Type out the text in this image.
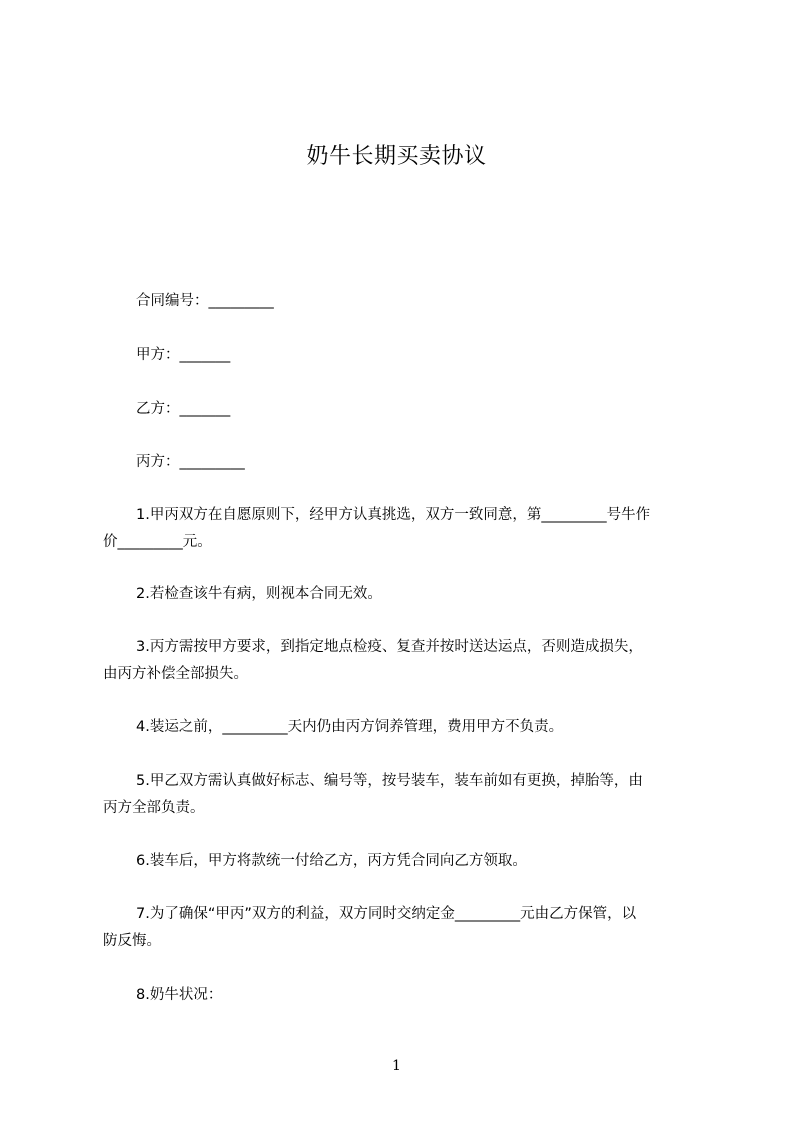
奶牛长期买卖协议
合同编号：_________
甲方：_______
乙方：_______
丙方：_________
1.甲丙双方在自愿原则下，经甲方认真挑选，双方一致同意，第_________号牛作
价_________元。
2.若检查该牛有病，则视本合同无效。
3.丙方需按甲方要求，到指定地点检疫、复查并按时送达运点，否则造成损失，
由丙方补偿全部损失。
4.装运之前，_________天内仍由丙方饲养管理，费用甲方不负责。
5.甲乙双方需认真做好标志、编号等，按号装车，装车前如有更换，掉胎等，由
丙方全部负责。
6.装车后，甲方将款统一付给乙方，丙方凭合同向乙方领取。
7.为了确保“甲丙”双方的利益，双方同时交纳定金_________元由乙方保管，以
防反悔。
8.奶牛状况：
1
